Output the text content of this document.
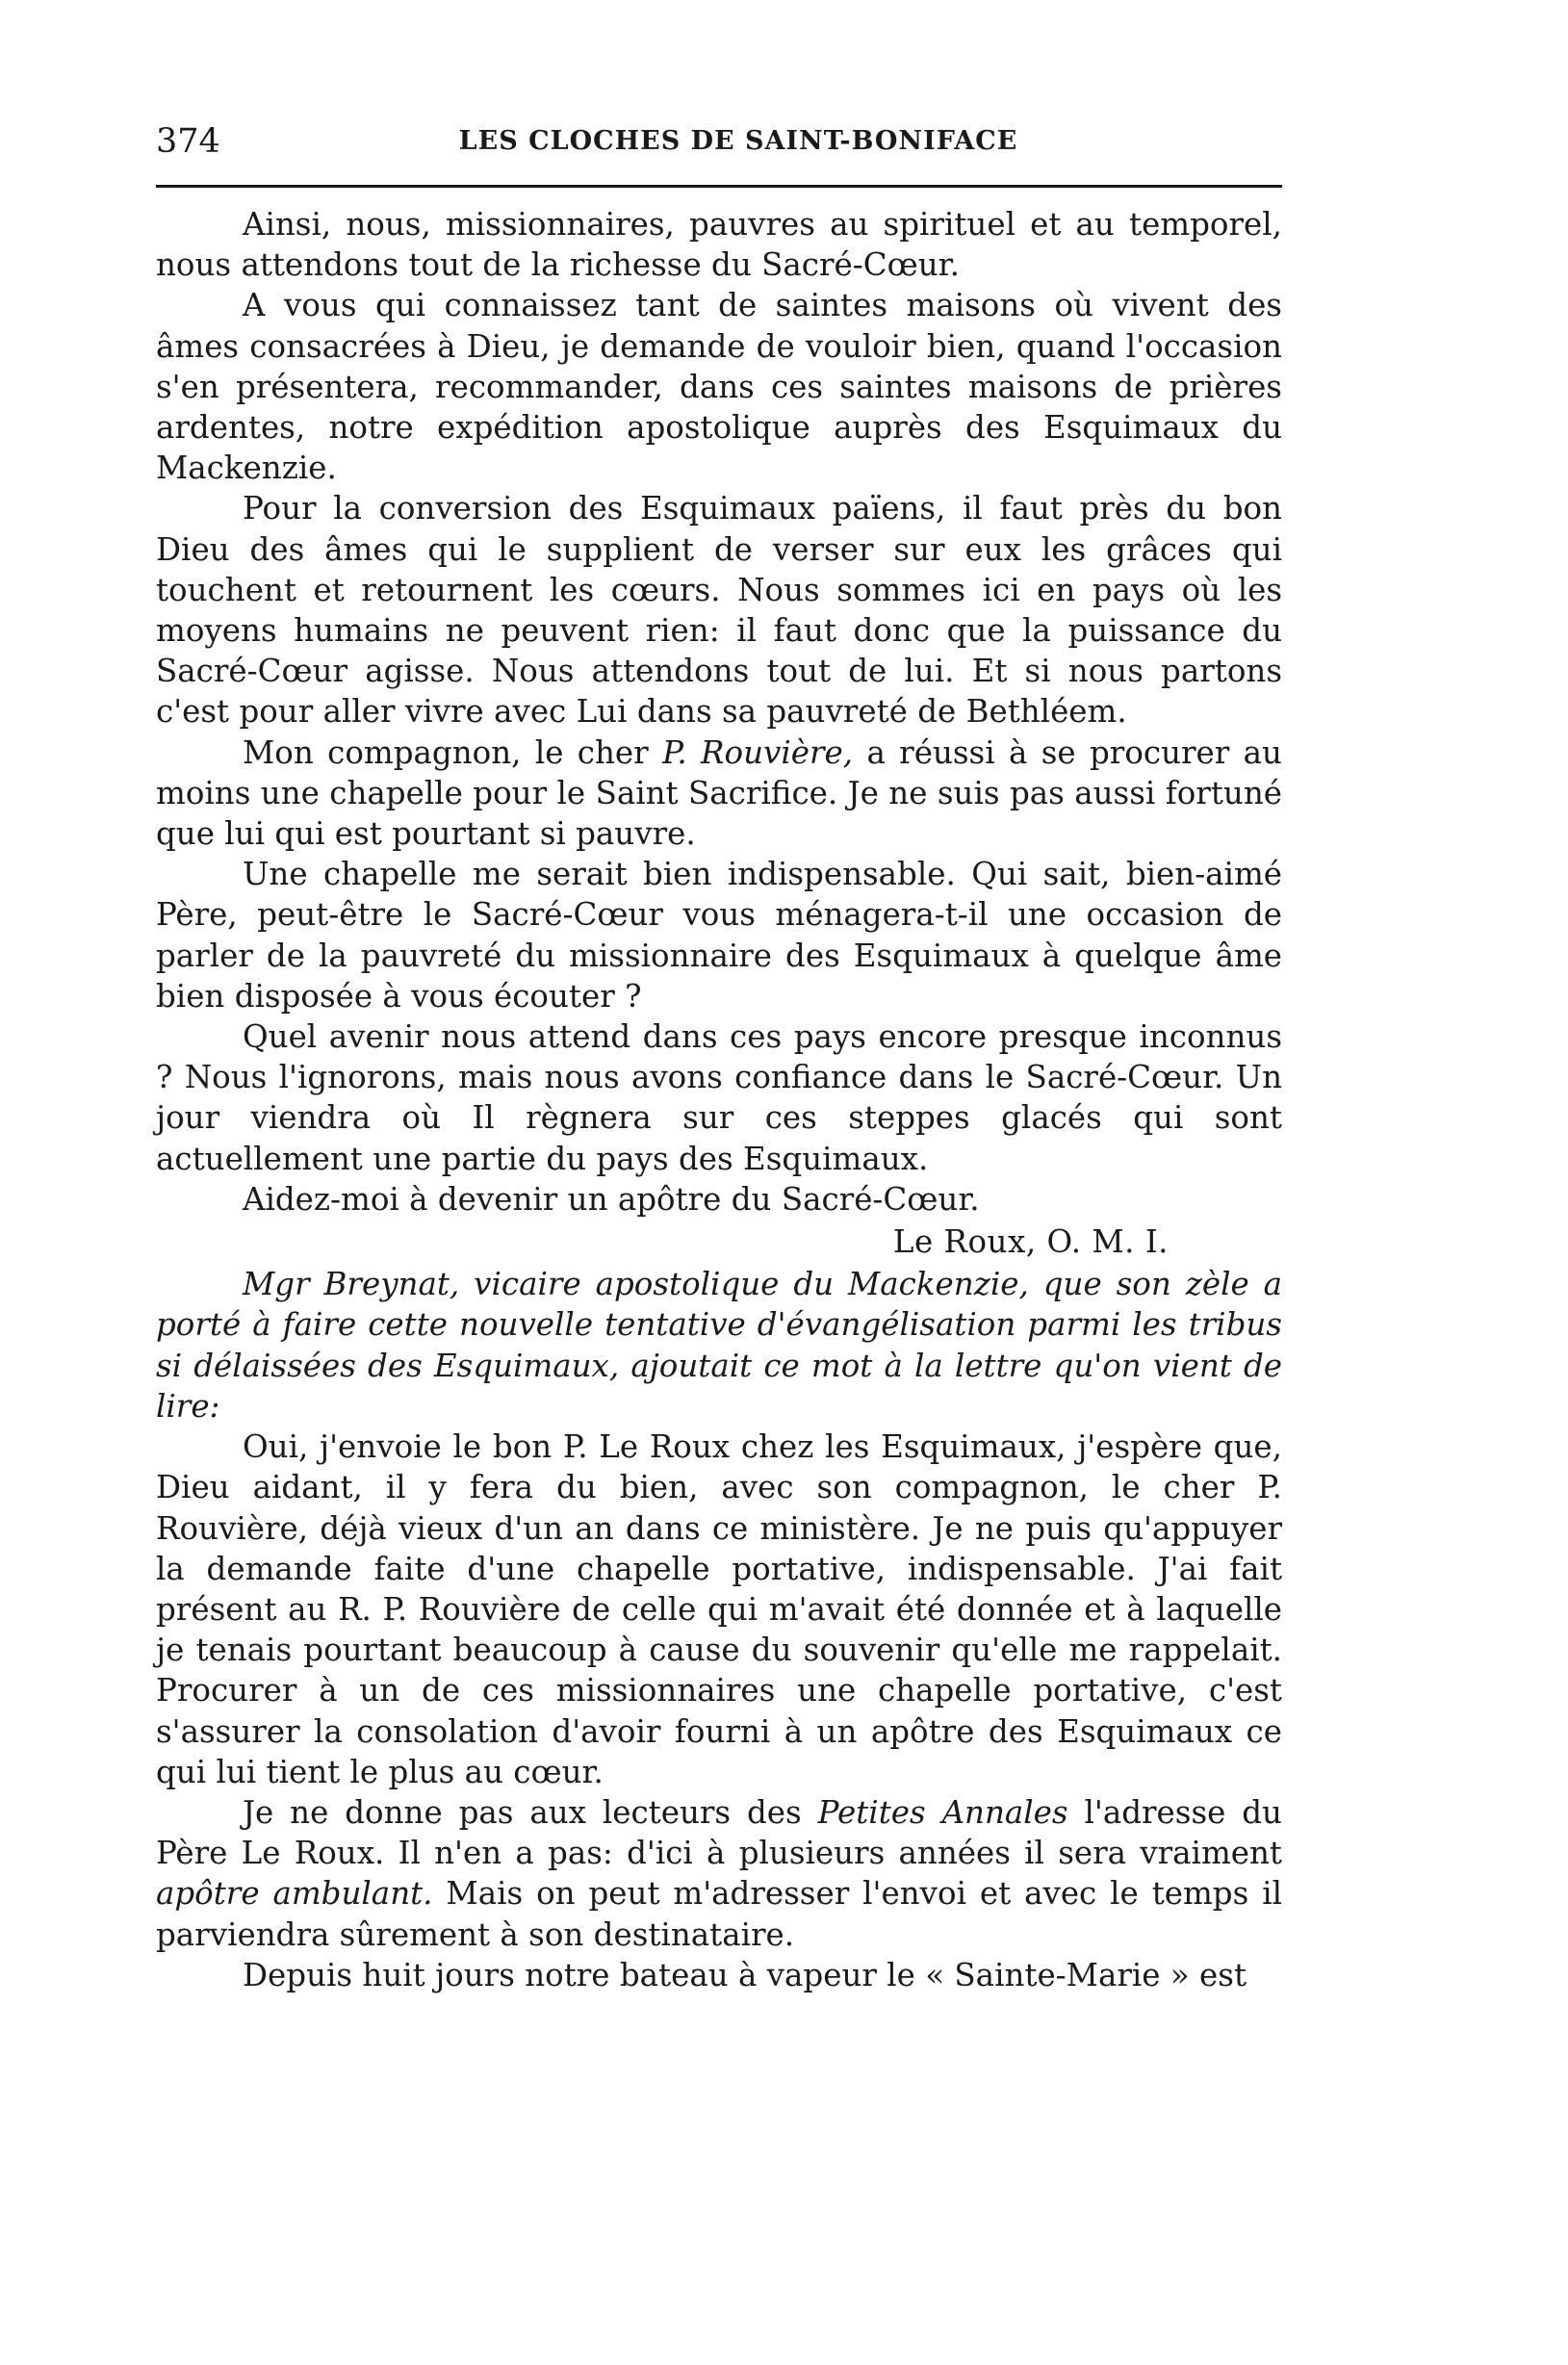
374	LES CLOCHES DE SAINT-BONIFACE

Ainsi, nous, missionnaires, pauvres au spirituel et au temporel, nous attendons tout de la richesse du Sacré-Cœur.

A vous qui connaissez tant de saintes maisons où vivent des âmes consacrées à Dieu, je demande de vouloir bien, quand l'occasion s'en présentera, recommander, dans ces saintes maisons de prières ardentes, notre expédition apostolique auprès des Esquimaux du Mackenzie.

Pour la conversion des Esquimaux païens, il faut près du bon Dieu des âmes qui le supplient de verser sur eux les grâces qui touchent et retournent les cœurs. Nous sommes ici en pays où les moyens humains ne peuvent rien: il faut donc que la puissance du Sacré-Cœur agisse. Nous attendons tout de lui. Et si nous partons c'est pour aller vivre avec Lui dans sa pauvreté de Bethléem.

Mon compagnon, le cher P. Rouvière, a réussi à se procurer au moins une chapelle pour le Saint Sacrifice. Je ne suis pas aussi fortuné que lui qui est pourtant si pauvre.

Une chapelle me serait bien indispensable. Qui sait, bien-aimé Père, peut-être le Sacré-Cœur vous ménagera-t-il une occasion de parler de la pauvreté du missionnaire des Esquimaux à quelque âme bien disposée à vous écouter ?

Quel avenir nous attend dans ces pays encore presque inconnus ? Nous l'ignorons, mais nous avons confiance dans le Sacré-Cœur. Un jour viendra où Il règnera sur ces steppes glacés qui sont actuellement une partie du pays des Esquimaux.

Aidez-moi à devenir un apôtre du Sacré-Cœur.

Le Roux, O. M. I.

Mgr Breynat, vicaire apostolique du Mackenzie, que son zèle a porté à faire cette nouvelle tentative d'évangélisation parmi les tribus si délaissées des Esquimaux, ajoutait ce mot à la lettre qu'on vient de lire:

Oui, j'envoie le bon P. Le Roux chez les Esquimaux, j'espère que, Dieu aidant, il y fera du bien, avec son compagnon, le cher P. Rouvière, déjà vieux d'un an dans ce ministère. Je ne puis qu'appuyer la demande faite d'une chapelle portative, indispensable. J'ai fait présent au R. P. Rouvière de celle qui m'avait été donnée et à laquelle je tenais pourtant beaucoup à cause du souvenir qu'elle me rappelait. Procurer à un de ces missionnaires une chapelle portative, c'est s'assurer la consolation d'avoir fourni à un apôtre des Esquimaux ce qui lui tient le plus au cœur.

Je ne donne pas aux lecteurs des Petites Annales l'adresse du Père Le Roux. Il n'en a pas: d'ici à plusieurs années il sera vraiment apôtre ambulant. Mais on peut m'adresser l'envoi et avec le temps il parviendra sûrement à son destinataire.

Depuis huit jours notre bateau à vapeur le « Sainte-Marie » est
